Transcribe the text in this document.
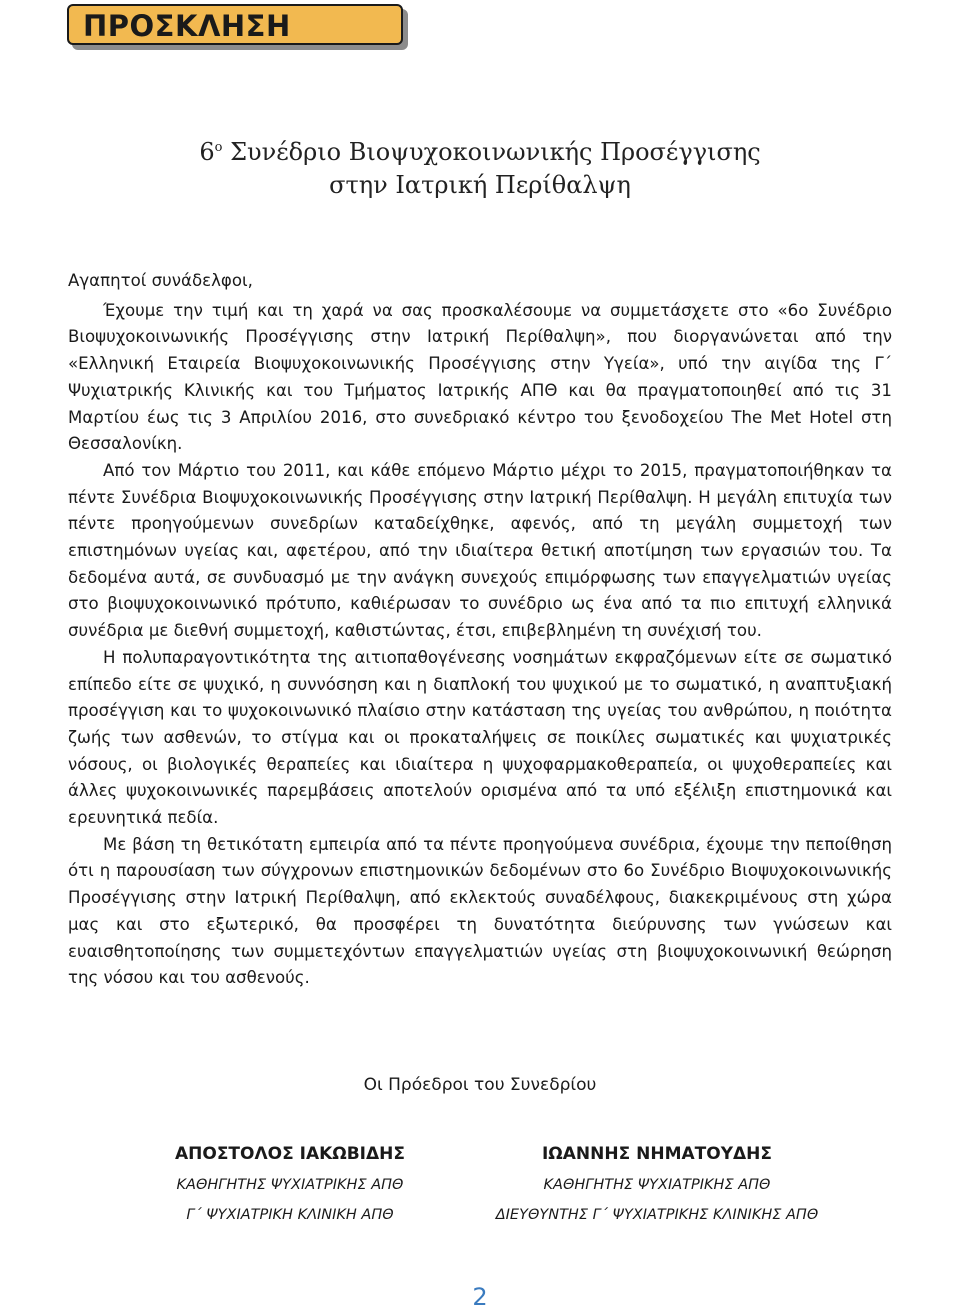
ΠΡΟΣΚΛΗΣΗ
$6^o$ Συνέδριο Βιοψυχοκοινωνικής Προσέγγισης
στην Ιατρική Περίθαλψη

Αγαπητοί συνάδελφοι,

Έχουμε την τιμή και τη χαρά να σας προσκαλέσουμε να συμμετάσχετε στο «6ο Συνέδριο Βιοψυχοκοινωνικής Προσέγγισης στην Ιατρική Περίθαλψη», που διοργανώνεται από την «Ελληνική Εταιρεία Βιοψυχοκοινωνικής Προσέγγισης στην Υγεία», υπό την αιγίδα της Γ΄ Ψυχιατρικής Κλινικής και του Τμήματος Ιατρικής ΑΠΘ και θα πραγματοποιηθεί από τις 31 Μαρτίου έως τις 3 Απριλίου 2016, στο συνεδριακό κέντρο του ξενοδοχείου The Met Hotel στη Θεσσαλονίκη.

Από τον Μάρτιο του 2011, και κάθε επόμενο Μάρτιο μέχρι το 2015, πραγματοποιήθηκαν τα πέντε Συνέδρια Βιοψυχοκοινωνικής Προσέγγισης στην Ιατρική Περίθαλψη. Η μεγάλη επιτυχία των πέντε προηγούμενων συνεδρίων καταδείχθηκε, αφενός, από τη μεγάλη συμμετοχή των επιστημόνων υγείας και, αφετέρου, από την ιδιαίτερα θετική αποτίμηση των εργασιών του. Τα δεδομένα αυτά, σε συνδυασμό με την ανάγκη συνεχούς επιμόρφωσης των επαγγελματιών υγείας στο βιοψυχοκοινωνικό πρότυπο, καθιέρωσαν το συνέδριο ως ένα από τα πιο επιτυχή ελληνικά συνέδρια με διεθνή συμμετοχή, καθιστώντας, έτσι, επιβεβλημένη τη συνέχισή του.

Η πολυπαραγοντικότητα της αιτιοπαθογένεσης νοσημάτων εκφραζόμενων είτε σε σωματικό επίπεδο είτε σε ψυχικό, η συννόσηση και η διαπλοκή του ψυχικού με το σωματικό, η αναπτυξιακή προσέγγιση και το ψυχοκοινωνικό πλαίσιο στην κατάσταση της υγείας του ανθρώπου, η ποιότητα ζωής των ασθενών, το στίγμα και οι προκαταλήψεις σε ποικίλες σωματικές και ψυχιατρικές νόσους, οι βιολογικές θεραπείες και ιδιαίτερα η ψυχοφαρμακοθεραπεία, οι ψυχοθεραπείες και άλλες ψυχοκοινωνικές παρεμβάσεις αποτελούν ορισμένα από τα υπό εξέλιξη επιστημονικά και ερευνητικά πεδία.

Με βάση τη θετικότατη εμπειρία από τα πέντε προηγούμενα συνέδρια, έχουμε την πεποίθηση ότι η παρουσίαση των σύγχρονων επιστημονικών δεδομένων στο 6ο Συνέδριο Βιοψυχοκοινωνικής Προσέγγισης στην Ιατρική Περίθαλψη, από εκλεκτούς συναδέλφους, διακεκριμένους στη χώρα μας και στο εξωτερικό, θα προσφέρει τη δυνατότητα διεύρυνσης των γνώσεων και ευαισθητοποίησης των συμμετεχόντων επαγγελματιών υγείας στη βιοψυχοκοινωνική θεώρηση της νόσου και του ασθενούς.

Οι Πρόεδροι του Συνεδρίου
ΑΠΟΣΤΟΛΟΣ ΙΑΚΩΒΙΔΗΣ
ΚΑΘΗΓΗΤΗΣ ΨΥΧΙΑΤΡΙΚΗΣ ΑΠΘ
Γ΄ ΨΥΧΙΑΤΡΙΚΗ ΚΛΙΝΙΚΗ ΑΠΘ
ΙΩΑΝΝΗΣ ΝΗΜΑΤΟΥΔΗΣ
ΚΑΘΗΓΗΤΗΣ ΨΥΧΙΑΤΡΙΚΗΣ ΑΠΘ
ΔΙΕΥΘΥΝΤΗΣ Γ΄ ΨΥΧΙΑΤΡΙΚΗΣ ΚΛΙΝΙΚΗΣ ΑΠΘ
2
